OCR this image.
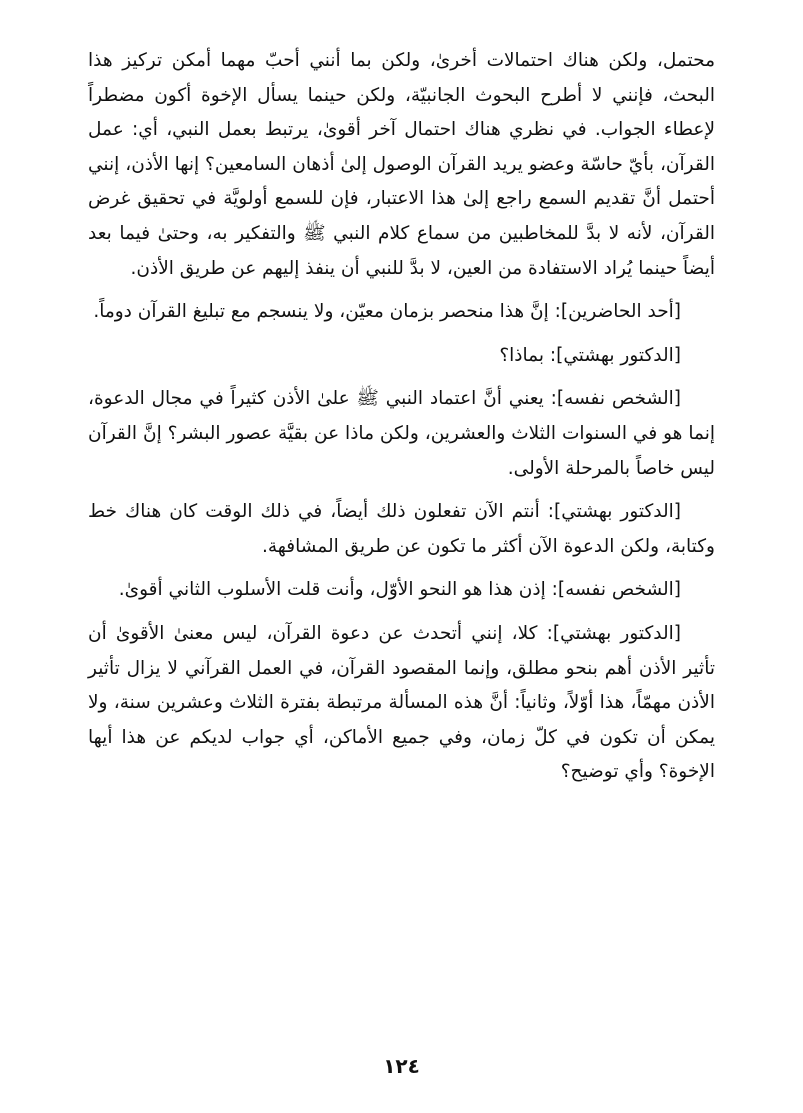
محتمل، ولكن هناك احتمالات أخرىٰ، ولكن بما أنني أحبّ مهما أمكن تركيز هذا البحث، فإنني لا أطرح البحوث الجانبيّة، ولكن حينما يسأل الإخوة أكون مضطراً لإعطاء الجواب. في نظري هناك احتمال آخر أقوىٰ، يرتبط بعمل النبي، أي: عمل القرآن، بأيّ حاسّة وعضو يريد القرآن الوصول إلىٰ أذهان السامعين؟ إنها الأذن، إنني أحتمل أنَّ تقديم السمع راجع إلىٰ هذا الاعتبار، فإن للسمع أولويَّة في تحقيق غرض القرآن، لأنه لا بدَّ للمخاطبين من سماع كلام النبي ﷺ والتفكير به، وحتىٰ فيما بعد أيضاً حينما يُراد الاستفادة من العين، لا بدَّ للنبي أن ينفذ إليهم عن طريق الأذن.

[أحد الحاضرين]: إنَّ هذا منحصر بزمان معيّن، ولا ينسجم مع تبليغ القرآن دوماً.

[الدكتور بهشتي]: بماذا؟

[الشخص نفسه]: يعني أنَّ اعتماد النبي ﷺ علىٰ الأذن كثيراً في مجال الدعوة، إنما هو في السنوات الثلاث والعشرين، ولكن ماذا عن بقيَّة عصور البشر؟ إنَّ القرآن ليس خاصاً بالمرحلة الأولى.

[الدكتور بهشتي]: أنتم الآن تفعلون ذلك أيضاً، في ذلك الوقت كان هناك خط وكتابة، ولكن الدعوة الآن أكثر ما تكون عن طريق المشافهة.

[الشخص نفسه]: إذن هذا هو النحو الأوّل، وأنت قلت الأسلوب الثاني أقوىٰ.

[الدكتور بهشتي]: كلا، إنني أتحدث عن دعوة القرآن، ليس معنىٰ الأقوىٰ أن تأثير الأذن أهم بنحو مطلق، وإنما المقصود القرآن، في العمل القرآني لا يزال تأثير الأذن مهمّاً، هذا أوّلاً، وثانياً: أنَّ هذه المسألة مرتبطة بفترة الثلاث وعشرين سنة، ولا يمكن أن تكون في كلّ زمان، وفي جميع الأماكن، أي جواب لديكم عن هذا أيها الإخوة؟ وأي توضيح؟

١٢٤
